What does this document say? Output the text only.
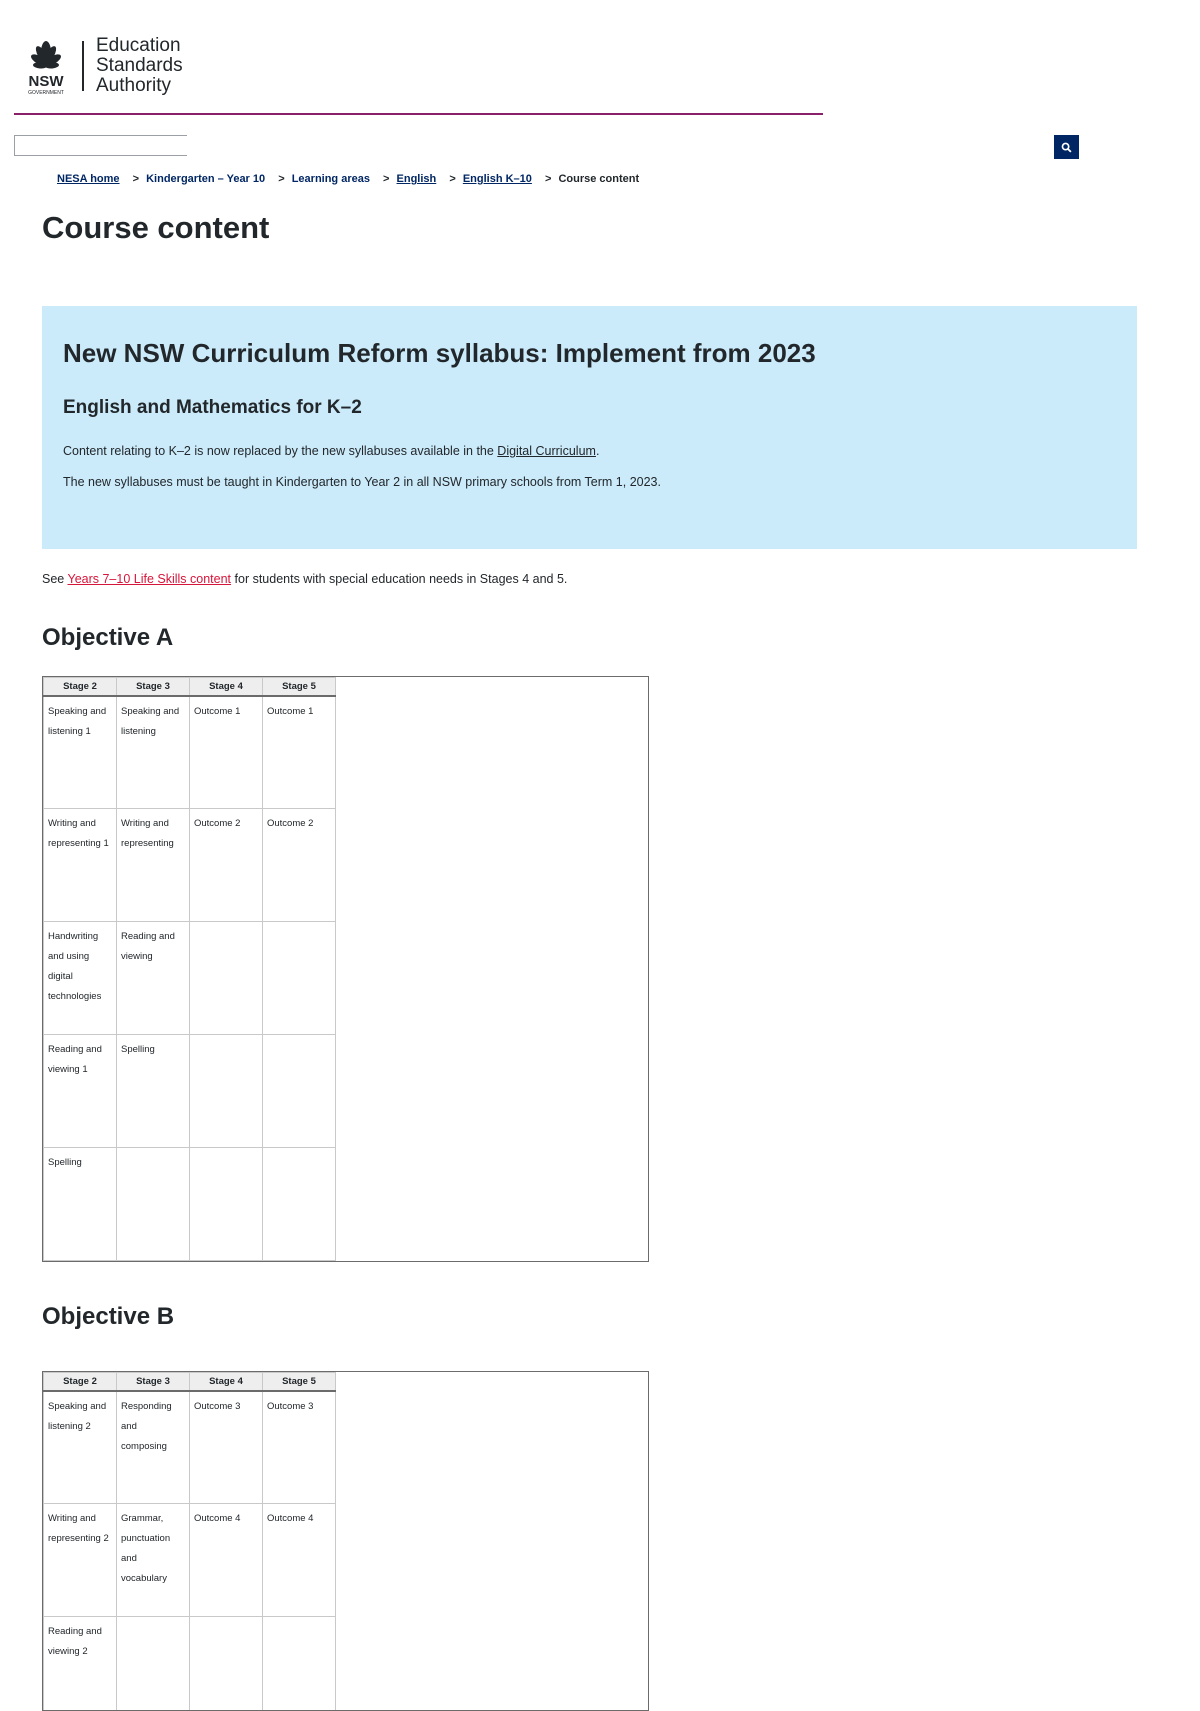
NSW
GOVERNMENT
Education
Standards
Authority
NESA home > Kindergarten – Year 10 > Learning areas > English > English K–10 > Course content
Course content
New NSW Curriculum Reform syllabus: Implement from 2023
English and Mathematics for K–2

Content relating to K–2 is now replaced by the new syllabuses available in the Digital Curriculum.

The new syllabuses must be taught in Kindergarten to Year 2 in all NSW primary schools from Term 1, 2023.

See Years 7–10 Life Skills content for students with special education needs in Stages 4 and 5.

Objective A
Stage 2	Stage 3	Stage 4	Stage 5
Speaking and listening 1	Speaking and listening	Outcome 1	Outcome 1
Writing and representing 1	Writing and representing	Outcome 2	Outcome 2
Handwriting and using digital technologies	Reading and viewing		
Reading and viewing 1	Spelling		
Spelling			
Objective B
Stage 2	Stage 3	Stage 4	Stage 5
Speaking and listening 2	Responding and composing	Outcome 3	Outcome 3
Writing and representing 2	Grammar, punctuation and vocabulary	Outcome 4	Outcome 4
Reading and viewing 2			
